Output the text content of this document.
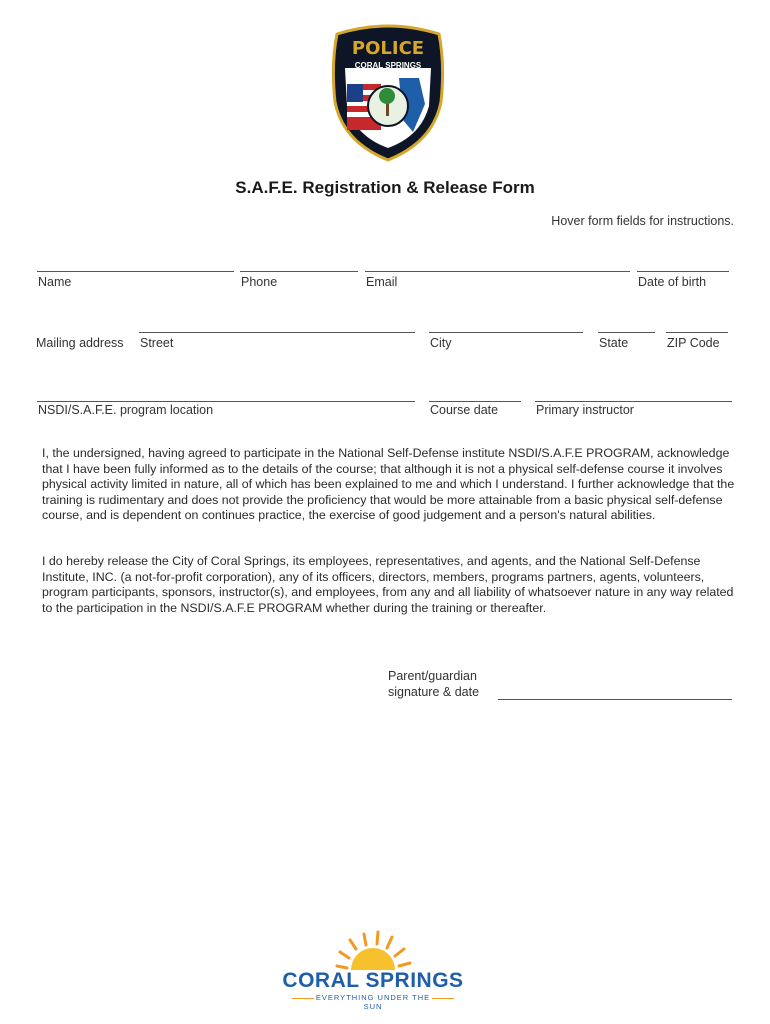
POLICE
CORAL SPRINGS
EST.	1963
S.A.F.E. Registration & Release Form
Hover form fields for instructions.
Name	Phone	Email	Date of birth
Mailing address Street	City	State	ZIP Code
NSDI/S.A.F.E. program location	Course date	Primary instructor
I, the undersigned, having agreed to participate in the National Self-Defense institute NSDI/S.A.F.E PROGRAM, acknowledge that I have been fully informed as to the details of the course; that although it is not a physical self-defense course it involves physical activity limited in nature, all of which has been explained to me and which I understand. I further acknowledge that the training is rudimentary and does not provide the proficiency that would be more attainable from a basic physical self-defense course, and is dependent on continues practice, the exercise of good judgement and a person's natural abilities.
I do hereby release the City of Coral Springs, its employees, representatives, and agents, and the National Self-Defense Institute, INC. (a not-for-profit corporation), any of its officers, directors, members, programs partners, agents, volunteers, program participants, sponsors, instructor(s), and employees, from any and all liability of whatsoever nature in any way related to the participation in the NSDI/S.A.F.E PROGRAM whether during the training or thereafter.
Parent/guardian
signature & date
CORAL SPRINGS
EVERYTHING UNDER THE SUN
